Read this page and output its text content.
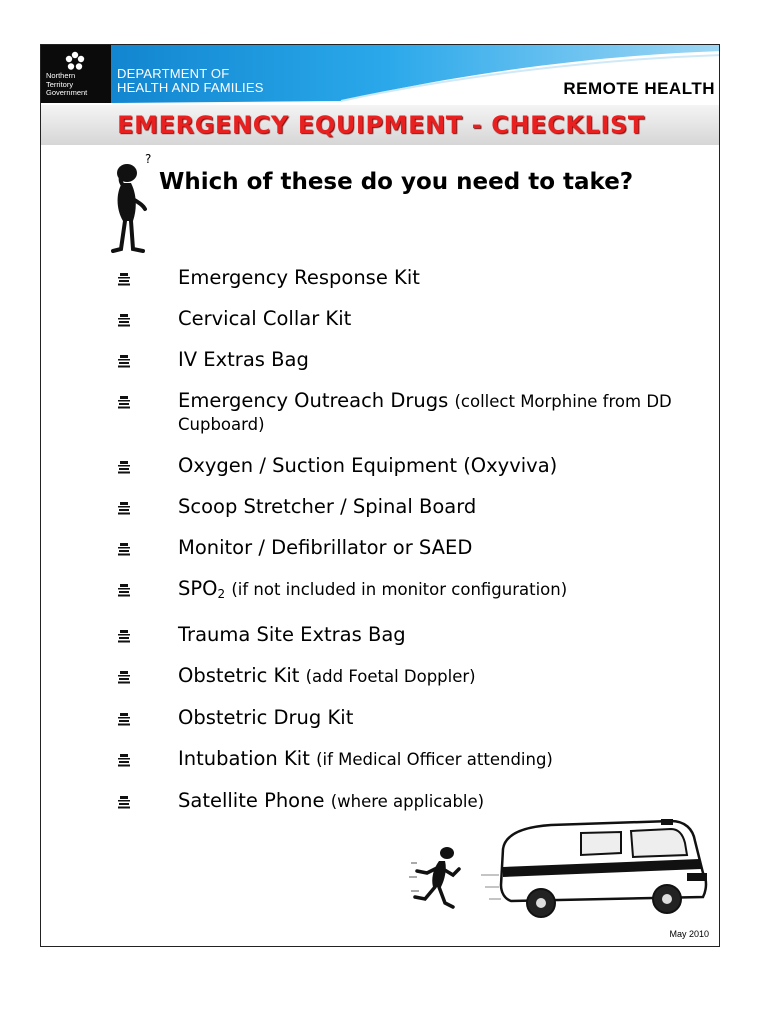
Northern
Territory
Government
DEPARTMENT OF
HEALTH AND FAMILIES	REMOTE HEALTH
EMERGENCY EQUIPMENT - CHECKLIST
?
Which of these do you need to take?
Emergency Response Kit
Cervical Collar Kit
IV Extras Bag
Emergency Outreach Drugs (collect Morphine from DD Cupboard)
Oxygen / Suction Equipment (Oxyviva)
Scoop Stretcher / Spinal Board
Monitor / Defibrillator or SAED
$SPO_2$ (if not included in monitor configuration)
Trauma Site Extras Bag
Obstetric Kit (add Foetal Doppler)
Obstetric Drug Kit
Intubation Kit (if Medical Officer attending)
Satellite Phone (where applicable)
May 2010
